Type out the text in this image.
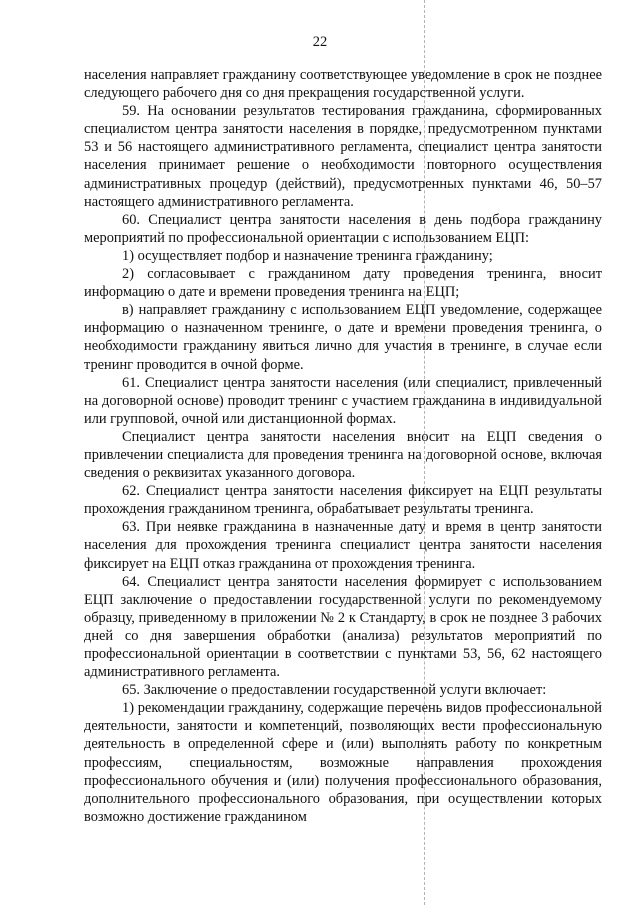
22

населения направляет гражданину соответствующее уведомление в срок не позднее следующего рабочего дня со дня прекращения государственной услуги.

59. На основании результатов тестирования гражданина, сформированных специалистом центра занятости населения в порядке, предусмотренном пунктами 53 и 56 настоящего административного регламента, специалист центра занятости населения принимает решение о необходимости повторного осуществления административных процедур (действий), предусмотренных пунктами 46, 50–57 настоящего административного регламента.

60. Специалист центра занятости населения в день подбора гражданину мероприятий по профессиональной ориентации с использованием ЕЦП:

1) осуществляет подбор и назначение тренинга гражданину;

2) согласовывает с гражданином дату проведения тренинга, вносит информацию о дате и времени проведения тренинга на ЕЦП;

в) направляет гражданину с использованием ЕЦП уведомление, содержащее информацию о назначенном тренинге, о дате и времени проведения тренинга, о необходимости гражданину явиться лично для участия в тренинге, в случае если тренинг проводится в очной форме.

61. Специалист центра занятости населения (или специалист, привлеченный на договорной основе) проводит тренинг с участием гражданина в индивидуальной или групповой, очной или дистанционной формах.

Специалист центра занятости населения вносит на ЕЦП сведения о привлечении специалиста для проведения тренинга на договорной основе, включая сведения о реквизитах указанного договора.

62. Специалист центра занятости населения фиксирует на ЕЦП результаты прохождения гражданином тренинга, обрабатывает результаты тренинга.

63. При неявке гражданина в назначенные дату и время в центр занятости населения для прохождения тренинга специалист центра занятости населения фиксирует на ЕЦП отказ гражданина от прохождения тренинга.

64. Специалист центра занятости населения формирует с использованием ЕЦП заключение о предоставлении государственной услуги по рекомендуемому образцу, приведенному в приложении № 2 к Стандарту, в срок не позднее 3 рабочих дней со дня завершения обработки (анализа) результатов мероприятий по профессиональной ориентации в соответствии с пунктами 53, 56, 62 настоящего административного регламента.

65. Заключение о предоставлении государственной услуги включает:

1) рекомендации гражданину, содержащие перечень видов профессиональной деятельности, занятости и компетенций, позволяющих вести профессиональную деятельность в определенной сфере и (или) выполнять работу по конкретным профессиям, специальностям, возможные направления прохождения профессионального обучения и (или) получения профессионального образования, дополнительного профессионального образования, при осуществлении которых возможно достижение гражданином
